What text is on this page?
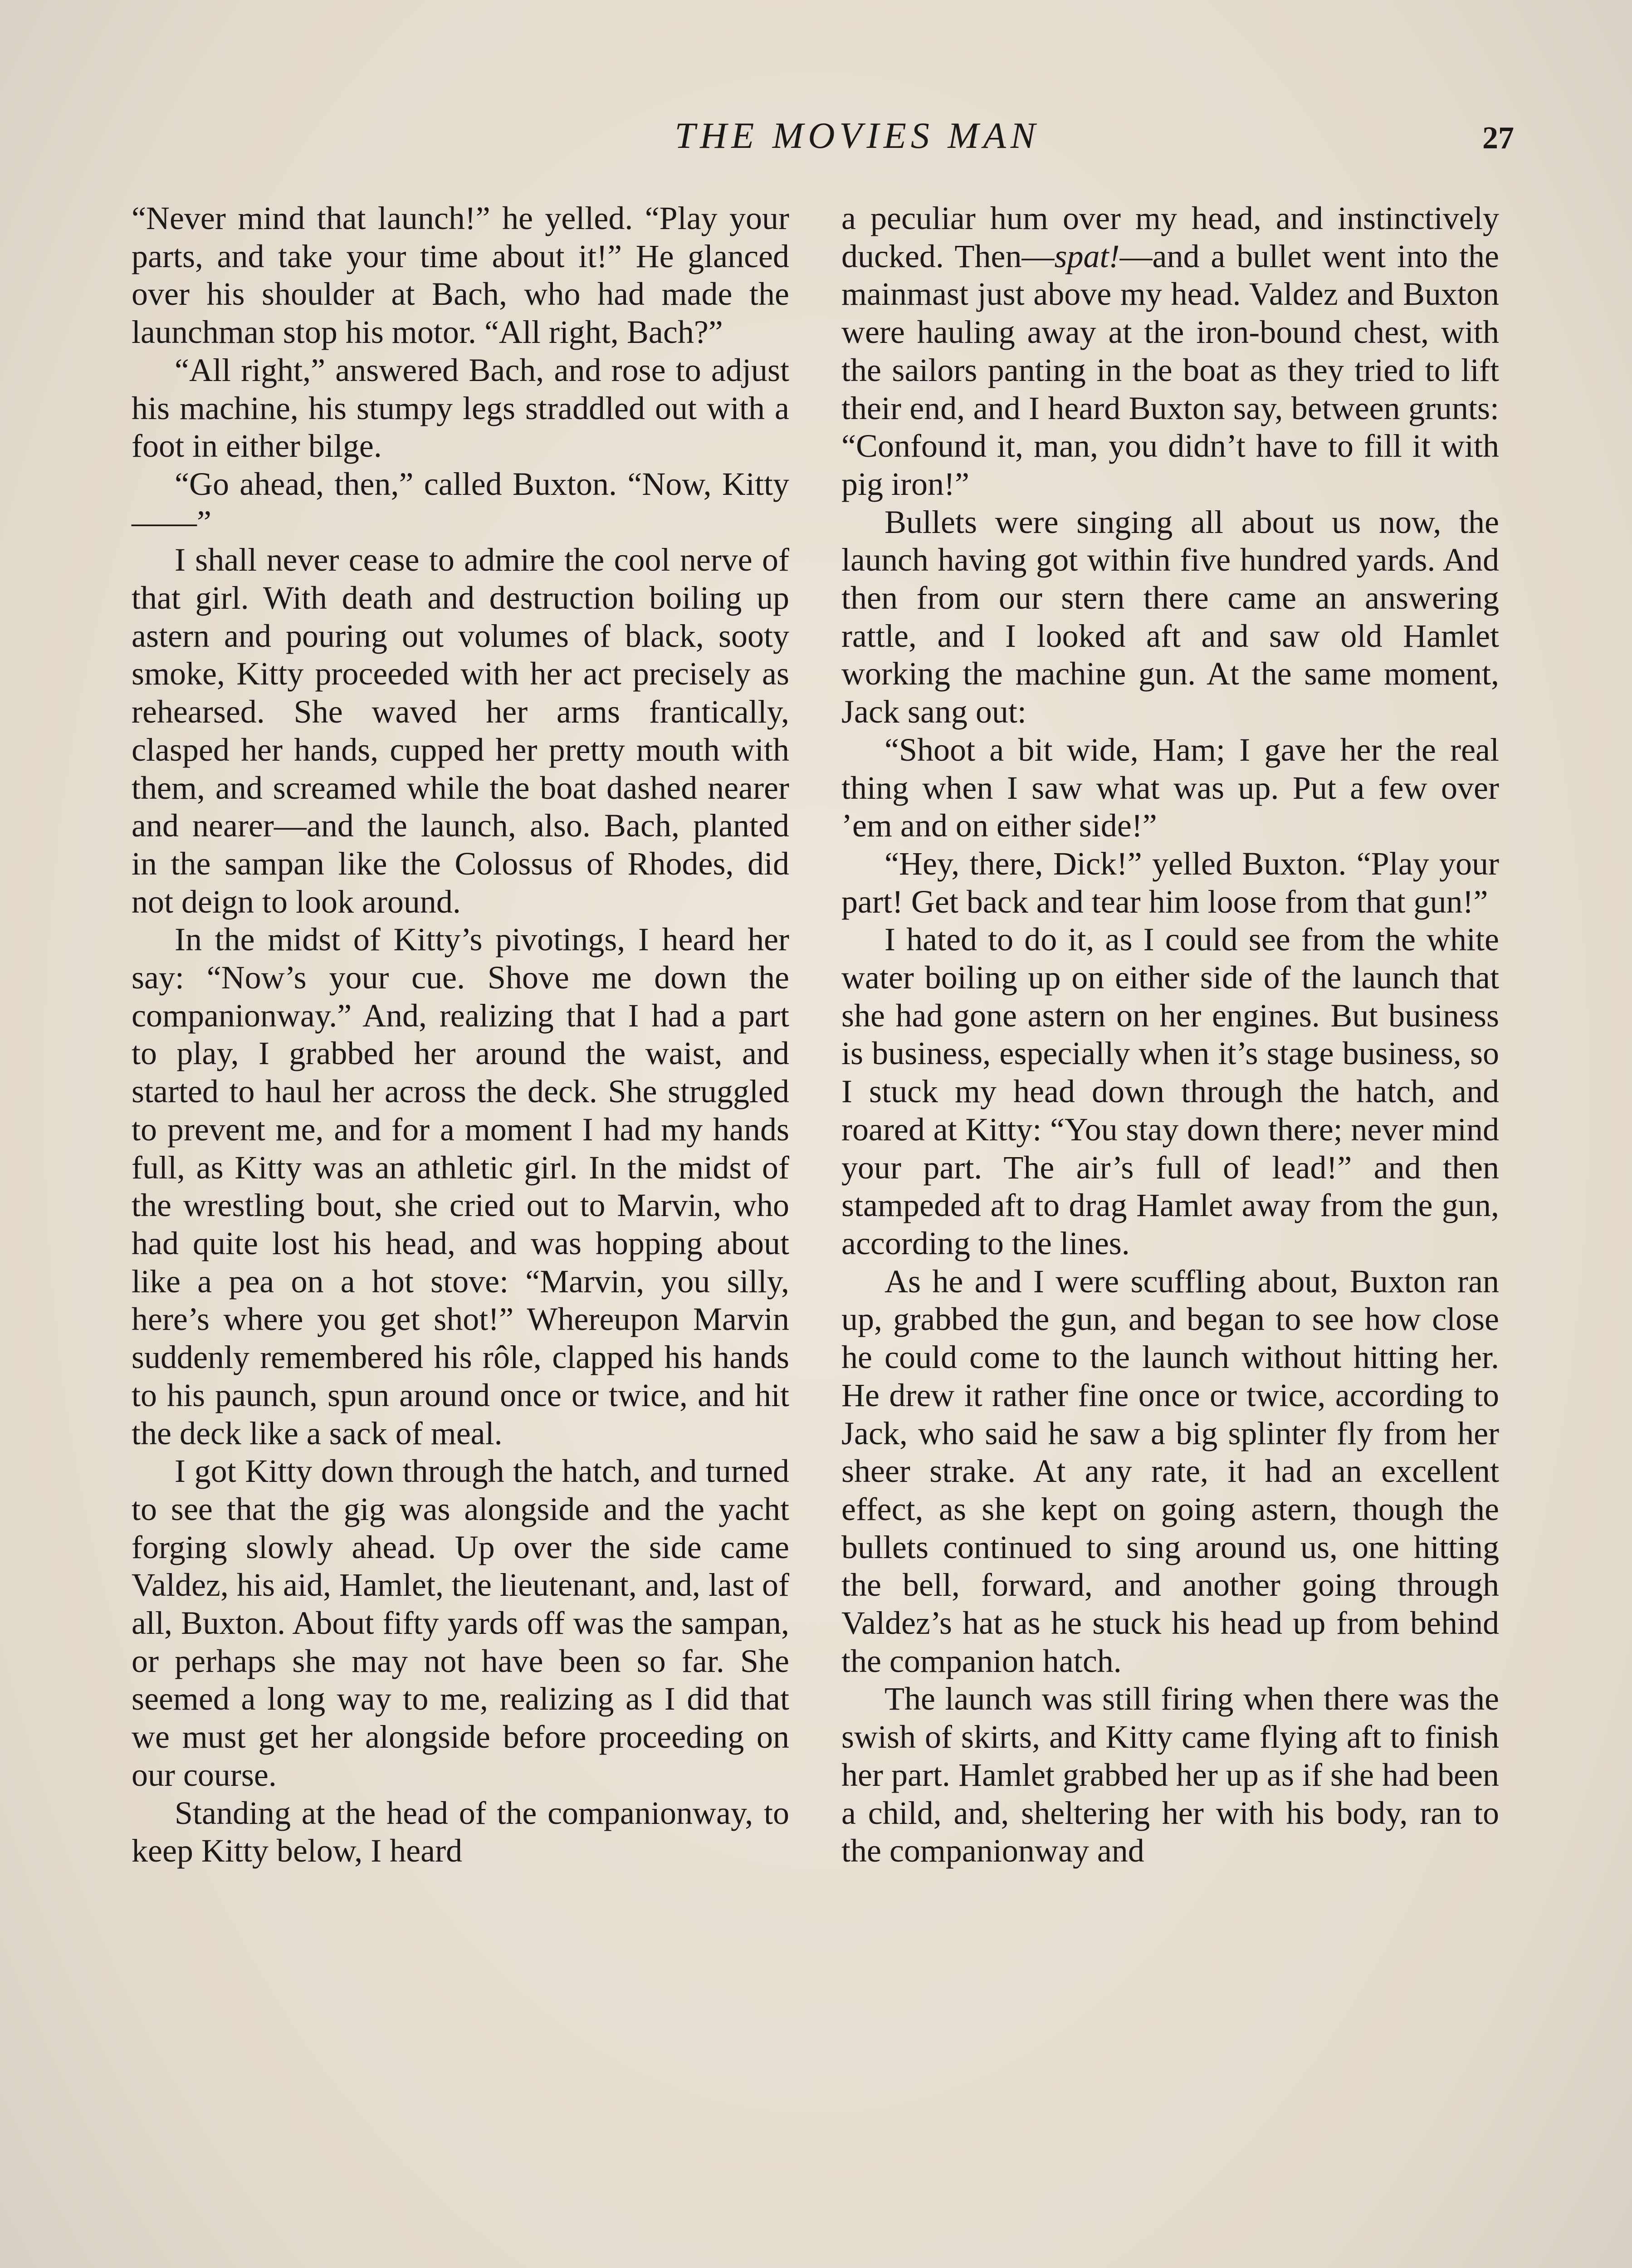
THE MOVIES MAN	27

“Never mind that launch!” he yelled. “Play your parts, and take your time about it!” He glanced over his shoulder at Bach, who had made the launchman stop his motor. “All right, Bach?”

“All right,” answered Bach, and rose to adjust his machine, his stumpy legs straddled out with a foot in either bilge.

“Go ahead, then,” called Buxton. “Now, Kitty——”

I shall never cease to admire the cool nerve of that girl. With death and destruction boiling up astern and pouring out volumes of black, sooty smoke, Kitty proceeded with her act precisely as rehearsed. She waved her arms frantically, clasped her hands, cupped her pretty mouth with them, and screamed while the boat dashed nearer and nearer—and the launch, also. Bach, planted in the sampan like the Colossus of Rhodes, did not deign to look around.

In the midst of Kitty’s pivotings, I heard her say: “Now’s your cue. Shove me down the companionway.” And, realizing that I had a part to play, I grabbed her around the waist, and started to haul her across the deck. She struggled to prevent me, and for a moment I had my hands full, as Kitty was an athletic girl. In the midst of the wrestling bout, she cried out to Marvin, who had quite lost his head, and was hopping about like a pea on a hot stove: “Marvin, you silly, here’s where you get shot!” Whereupon Marvin suddenly remembered his rôle, clapped his hands to his paunch, spun around once or twice, and hit the deck like a sack of meal.

I got Kitty down through the hatch, and turned to see that the gig was alongside and the yacht forging slowly ahead. Up over the side came Valdez, his aid, Hamlet, the lieutenant, and, last of all, Buxton. About fifty yards off was the sampan, or perhaps she may not have been so far. She seemed a long way to me, realizing as I did that we must get her alongside before proceeding on our course.

Standing at the head of the companionway, to keep Kitty below, I heard

a peculiar hum over my head, and instinctively ducked. Then—spat!—and a bullet went into the mainmast just above my head. Valdez and Buxton were hauling away at the iron-bound chest, with the sailors panting in the boat as they tried to lift their end, and I heard Buxton say, between grunts: “Confound it, man, you didn’t have to fill it with pig iron!”

Bullets were singing all about us now, the launch having got within five hundred yards. And then from our stern there came an answering rattle, and I looked aft and saw old Hamlet working the machine gun. At the same moment, Jack sang out:

“Shoot a bit wide, Ham; I gave her the real thing when I saw what was up. Put a few over ’em and on either side!”

“Hey, there, Dick!” yelled Buxton. “Play your part! Get back and tear him loose from that gun!”

I hated to do it, as I could see from the white water boiling up on either side of the launch that she had gone astern on her engines. But business is business, especially when it’s stage business, so I stuck my head down through the hatch, and roared at Kitty: “You stay down there; never mind your part. The air’s full of lead!” and then stampeded aft to drag Hamlet away from the gun, according to the lines.

As he and I were scuffling about, Buxton ran up, grabbed the gun, and began to see how close he could come to the launch without hitting her. He drew it rather fine once or twice, according to Jack, who said he saw a big splinter fly from her sheer strake. At any rate, it had an excellent effect, as she kept on going astern, though the bullets continued to sing around us, one hitting the bell, forward, and another going through Valdez’s hat as he stuck his head up from behind the companion hatch.

The launch was still firing when there was the swish of skirts, and Kitty came flying aft to finish her part. Hamlet grabbed her up as if she had been a child, and, sheltering her with his body, ran to the companionway and
